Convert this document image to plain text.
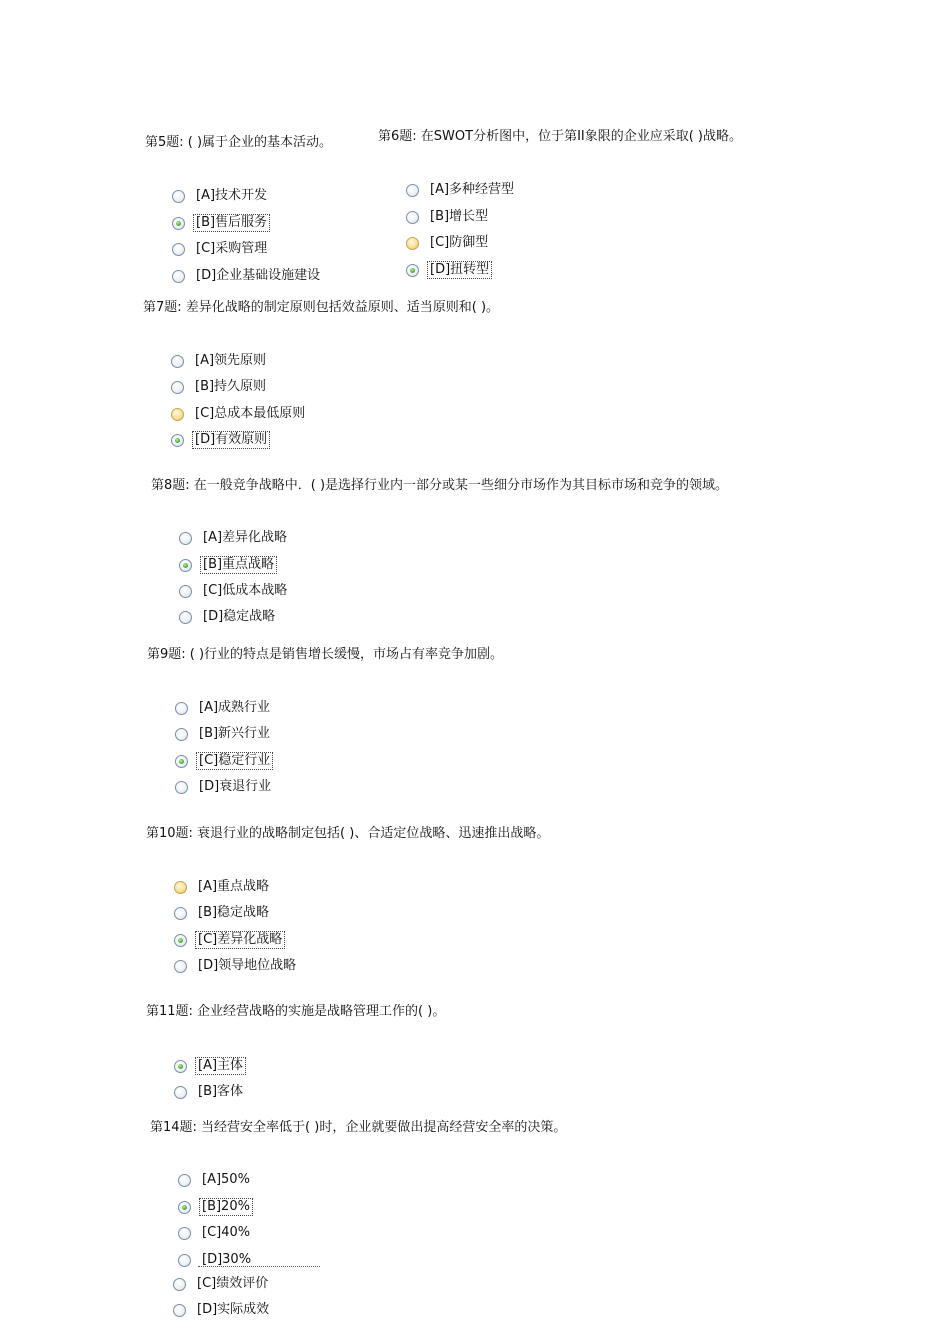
第5题: ( )属于企业的基本活动。
[A]技术开发
[B]售后服务
[C]采购管理
[D]企业基础设施建设
第6题: 在SWOT分析图中，位于第II象限的企业应采取( )战略。
[A]多种经营型
[B]增长型
[C]防御型
[D]扭转型
第7题: 差异化战略的制定原则包括效益原则、适当原则和( )。
[A]领先原则
[B]持久原则
[C]总成本最低原则
[D]有效原则
第8题: 在一般竞争战略中．( )是选择行业内一部分或某一些细分市场作为其目标市场和竞争的领域。
[A]差异化战略
[B]重点战略
[C]低成本战略
[D]稳定战略
第9题: ( )行业的特点是销售增长缓慢，市场占有率竞争加剧。
[A]成熟行业
[B]新兴行业
[C]稳定行业
[D]衰退行业
第10题: 衰退行业的战略制定包括( )、合适定位战略、迅速推出战略。
[A]重点战略
[B]稳定战略
[C]差异化战略
[D]领导地位战略
第11题: 企业经营战略的实施是战略管理工作的( )。
[A]主体
[B]客体
第14题: 当经营安全率低于( )时，企业就要做出提高经营安全率的决策。
[A]50%
[B]20%
[C]40%
[D]30%
[C]绩效评价
[D]实际成效
